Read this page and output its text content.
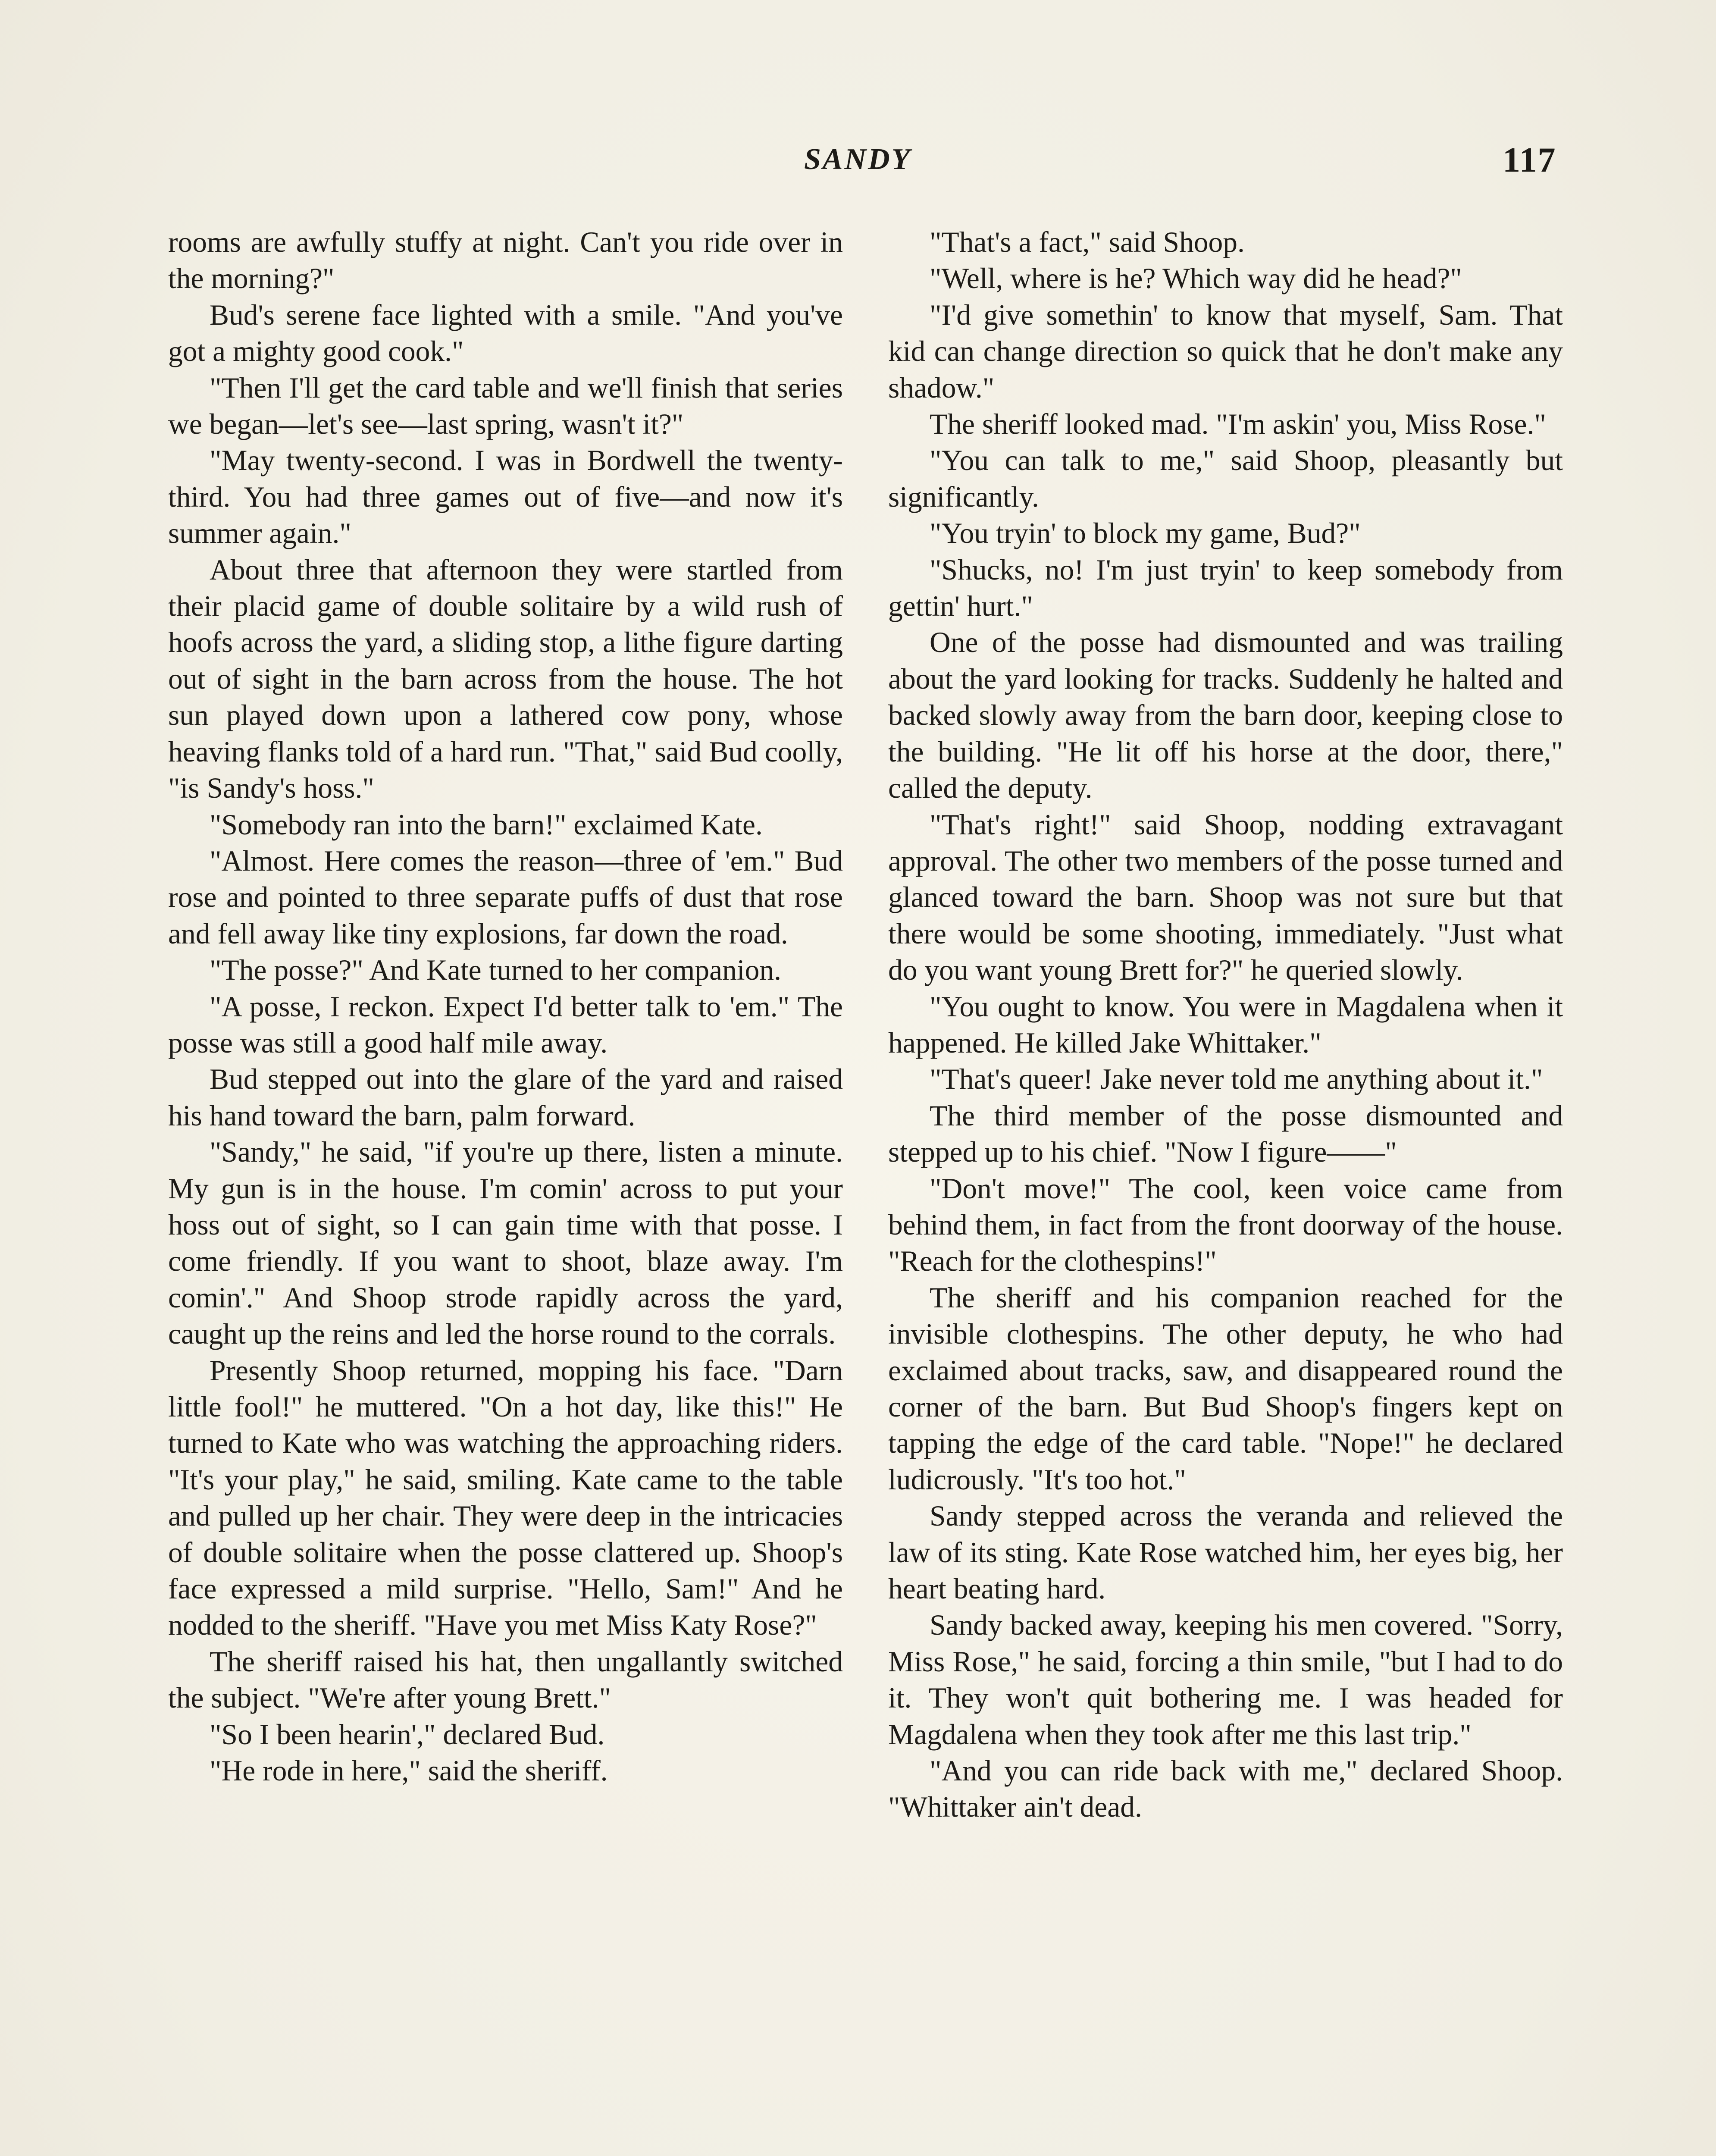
SANDY	117

rooms are awfully stuffy at night. Can't you ride over in the morning?"

Bud's serene face lighted with a smile. "And you've got a mighty good cook."

"Then I'll get the card table and we'll finish that series we began—let's see—last spring, wasn't it?"

"May twenty-second. I was in Bordwell the twenty-third. You had three games out of five—and now it's summer again."

About three that afternoon they were startled from their placid game of double solitaire by a wild rush of hoofs across the yard, a sliding stop, a lithe figure darting out of sight in the barn across from the house. The hot sun played down upon a lathered cow pony, whose heaving flanks told of a hard run. "That," said Bud coolly, "is Sandy's hoss."

"Somebody ran into the barn!" exclaimed Kate.

"Almost. Here comes the reason—three of 'em." Bud rose and pointed to three separate puffs of dust that rose and fell away like tiny explosions, far down the road.

"The posse?" And Kate turned to her companion.

"A posse, I reckon. Expect I'd better talk to 'em." The posse was still a good half mile away.

Bud stepped out into the glare of the yard and raised his hand toward the barn, palm forward.

"Sandy," he said, "if you're up there, listen a minute. My gun is in the house. I'm comin' across to put your hoss out of sight, so I can gain time with that posse. I come friendly. If you want to shoot, blaze away. I'm comin'." And Shoop strode rapidly across the yard, caught up the reins and led the horse round to the corrals.

Presently Shoop returned, mopping his face. "Darn little fool!" he muttered. "On a hot day, like this!" He turned to Kate who was watching the approaching riders. "It's your play," he said, smiling. Kate came to the table and pulled up her chair. They were deep in the intricacies of double solitaire when the posse clattered up. Shoop's face expressed a mild surprise. "Hello, Sam!" And he nodded to the sheriff. "Have you met Miss Katy Rose?"

The sheriff raised his hat, then ungallantly switched the subject. "We're after young Brett."

"So I been hearin'," declared Bud.

"He rode in here," said the sheriff.

"That's a fact," said Shoop.

"Well, where is he? Which way did he head?"

"I'd give somethin' to know that myself, Sam. That kid can change direction so quick that he don't make any shadow."

The sheriff looked mad. "I'm askin' you, Miss Rose."

"You can talk to me," said Shoop, pleasantly but significantly.

"You tryin' to block my game, Bud?"

"Shucks, no! I'm just tryin' to keep somebody from gettin' hurt."

One of the posse had dismounted and was trailing about the yard looking for tracks. Suddenly he halted and backed slowly away from the barn door, keeping close to the building. "He lit off his horse at the door, there," called the deputy.

"That's right!" said Shoop, nodding extravagant approval. The other two members of the posse turned and glanced toward the barn. Shoop was not sure but that there would be some shooting, immediately. "Just what do you want young Brett for?" he queried slowly.

"You ought to know. You were in Magdalena when it happened. He killed Jake Whittaker."

"That's queer! Jake never told me anything about it."

The third member of the posse dismounted and stepped up to his chief. "Now I figure——"

"Don't move!" The cool, keen voice came from behind them, in fact from the front doorway of the house. "Reach for the clothespins!"

The sheriff and his companion reached for the invisible clothespins. The other deputy, he who had exclaimed about tracks, saw, and disappeared round the corner of the barn. But Bud Shoop's fingers kept on tapping the edge of the card table. "Nope!" he declared ludicrously. "It's too hot."

Sandy stepped across the veranda and relieved the law of its sting. Kate Rose watched him, her eyes big, her heart beating hard.

Sandy backed away, keeping his men covered. "Sorry, Miss Rose," he said, forcing a thin smile, "but I had to do it. They won't quit bothering me. I was headed for Magdalena when they took after me this last trip."

"And you can ride back with me," declared Shoop. "Whittaker ain't dead.
